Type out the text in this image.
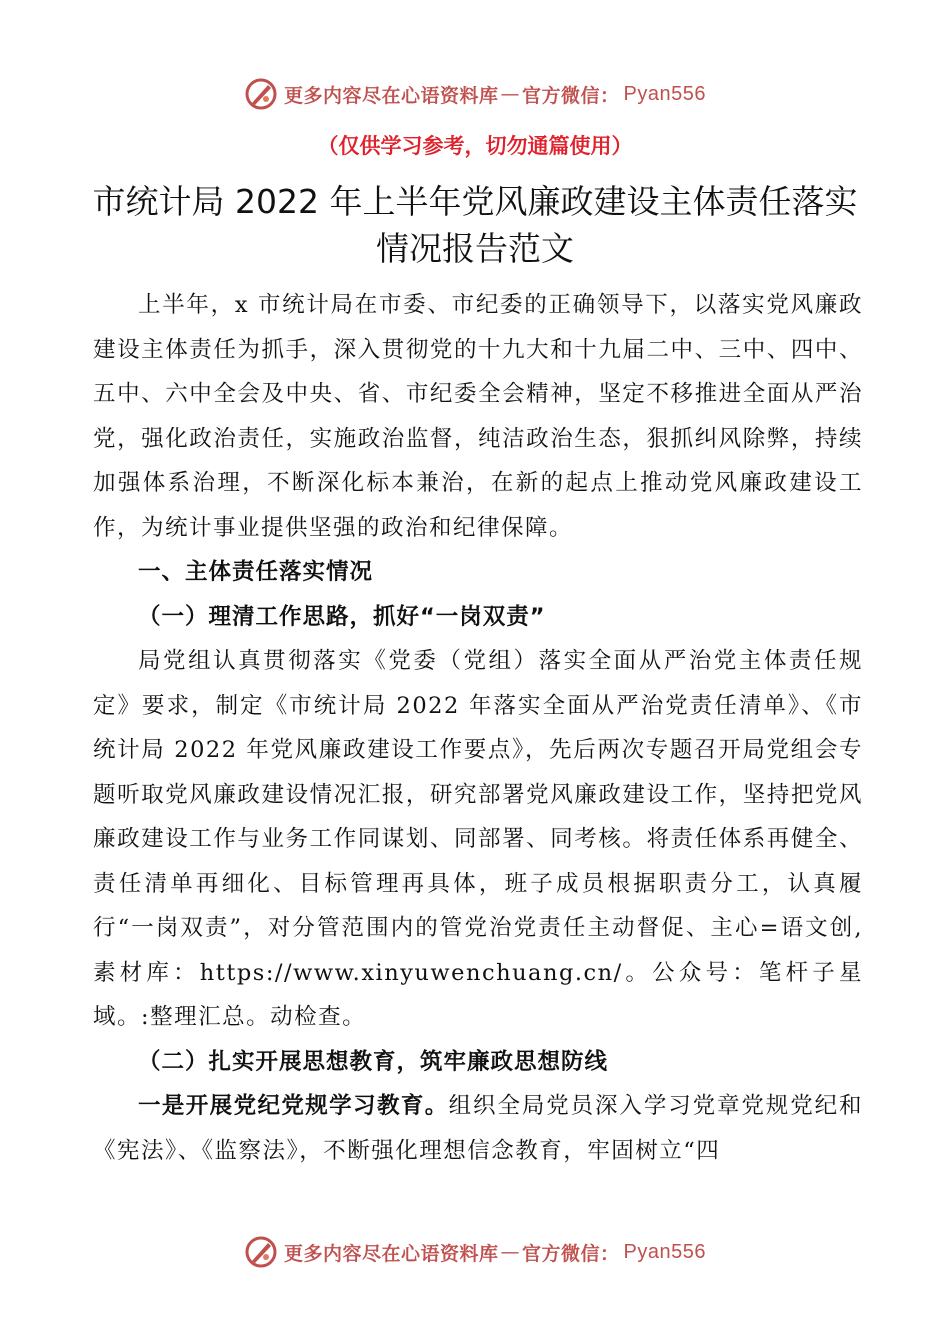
更多内容尽在心语资料库 — 官方微信： Pyan556
（仅供学习参考，切勿通篇使用）
市统计局 2022 年上半年党风廉政建设主体责任落实情况报告范文

上半年，x 市统计局在市委、市纪委的正确领导下，以落实党风廉政建设主体责任为抓手，深入贯彻党的十九大和十九届二中、三中、四中、五中、六中全会及中央、省、市纪委全会精神，坚定不移推进全面从严治党，强化政治责任，实施政治监督，纯洁政治生态，狠抓纠风除弊，持续加强体系治理，不断深化标本兼治，在新的起点上推动党风廉政建设工作，为统计事业提供坚强的政治和纪律保障。

一、主体责任落实情况

（一）理清工作思路，抓好“一岗双责”

局党组认真贯彻落实《党委（党组）落实全面从严治党主体责任规定》要求，制定《市统计局 2022 年落实全面从严治党责任清单》、《市统计局 2022 年党风廉政建设工作要点》，先后两次专题召开局党组会专题听取党风廉政建设情况汇报，研究部署党风廉政建设工作，坚持把党风廉政建设工作与业务工作同谋划、同部署、同考核。将责任体系再健全、责任清单再细化、目标管理再具体，班子成员根据职责分工，认真履行“一岗双责”，对分管范围内的管党治党责任主动督促、主心=语文创,素材库：https://www.xinyuwenchuang.cn/。公众号：笔杆子星域。:整理汇总。动检查。

（二）扎实开展思想教育，筑牢廉政思想防线

一是开展党纪党规学习教育。组织全局党员深入学习党章党规党纪和《宪法》、《监察法》，不断强化理想信念教育，牢固树立“四

更多内容尽在心语资料库 — 官方微信： Pyan556
